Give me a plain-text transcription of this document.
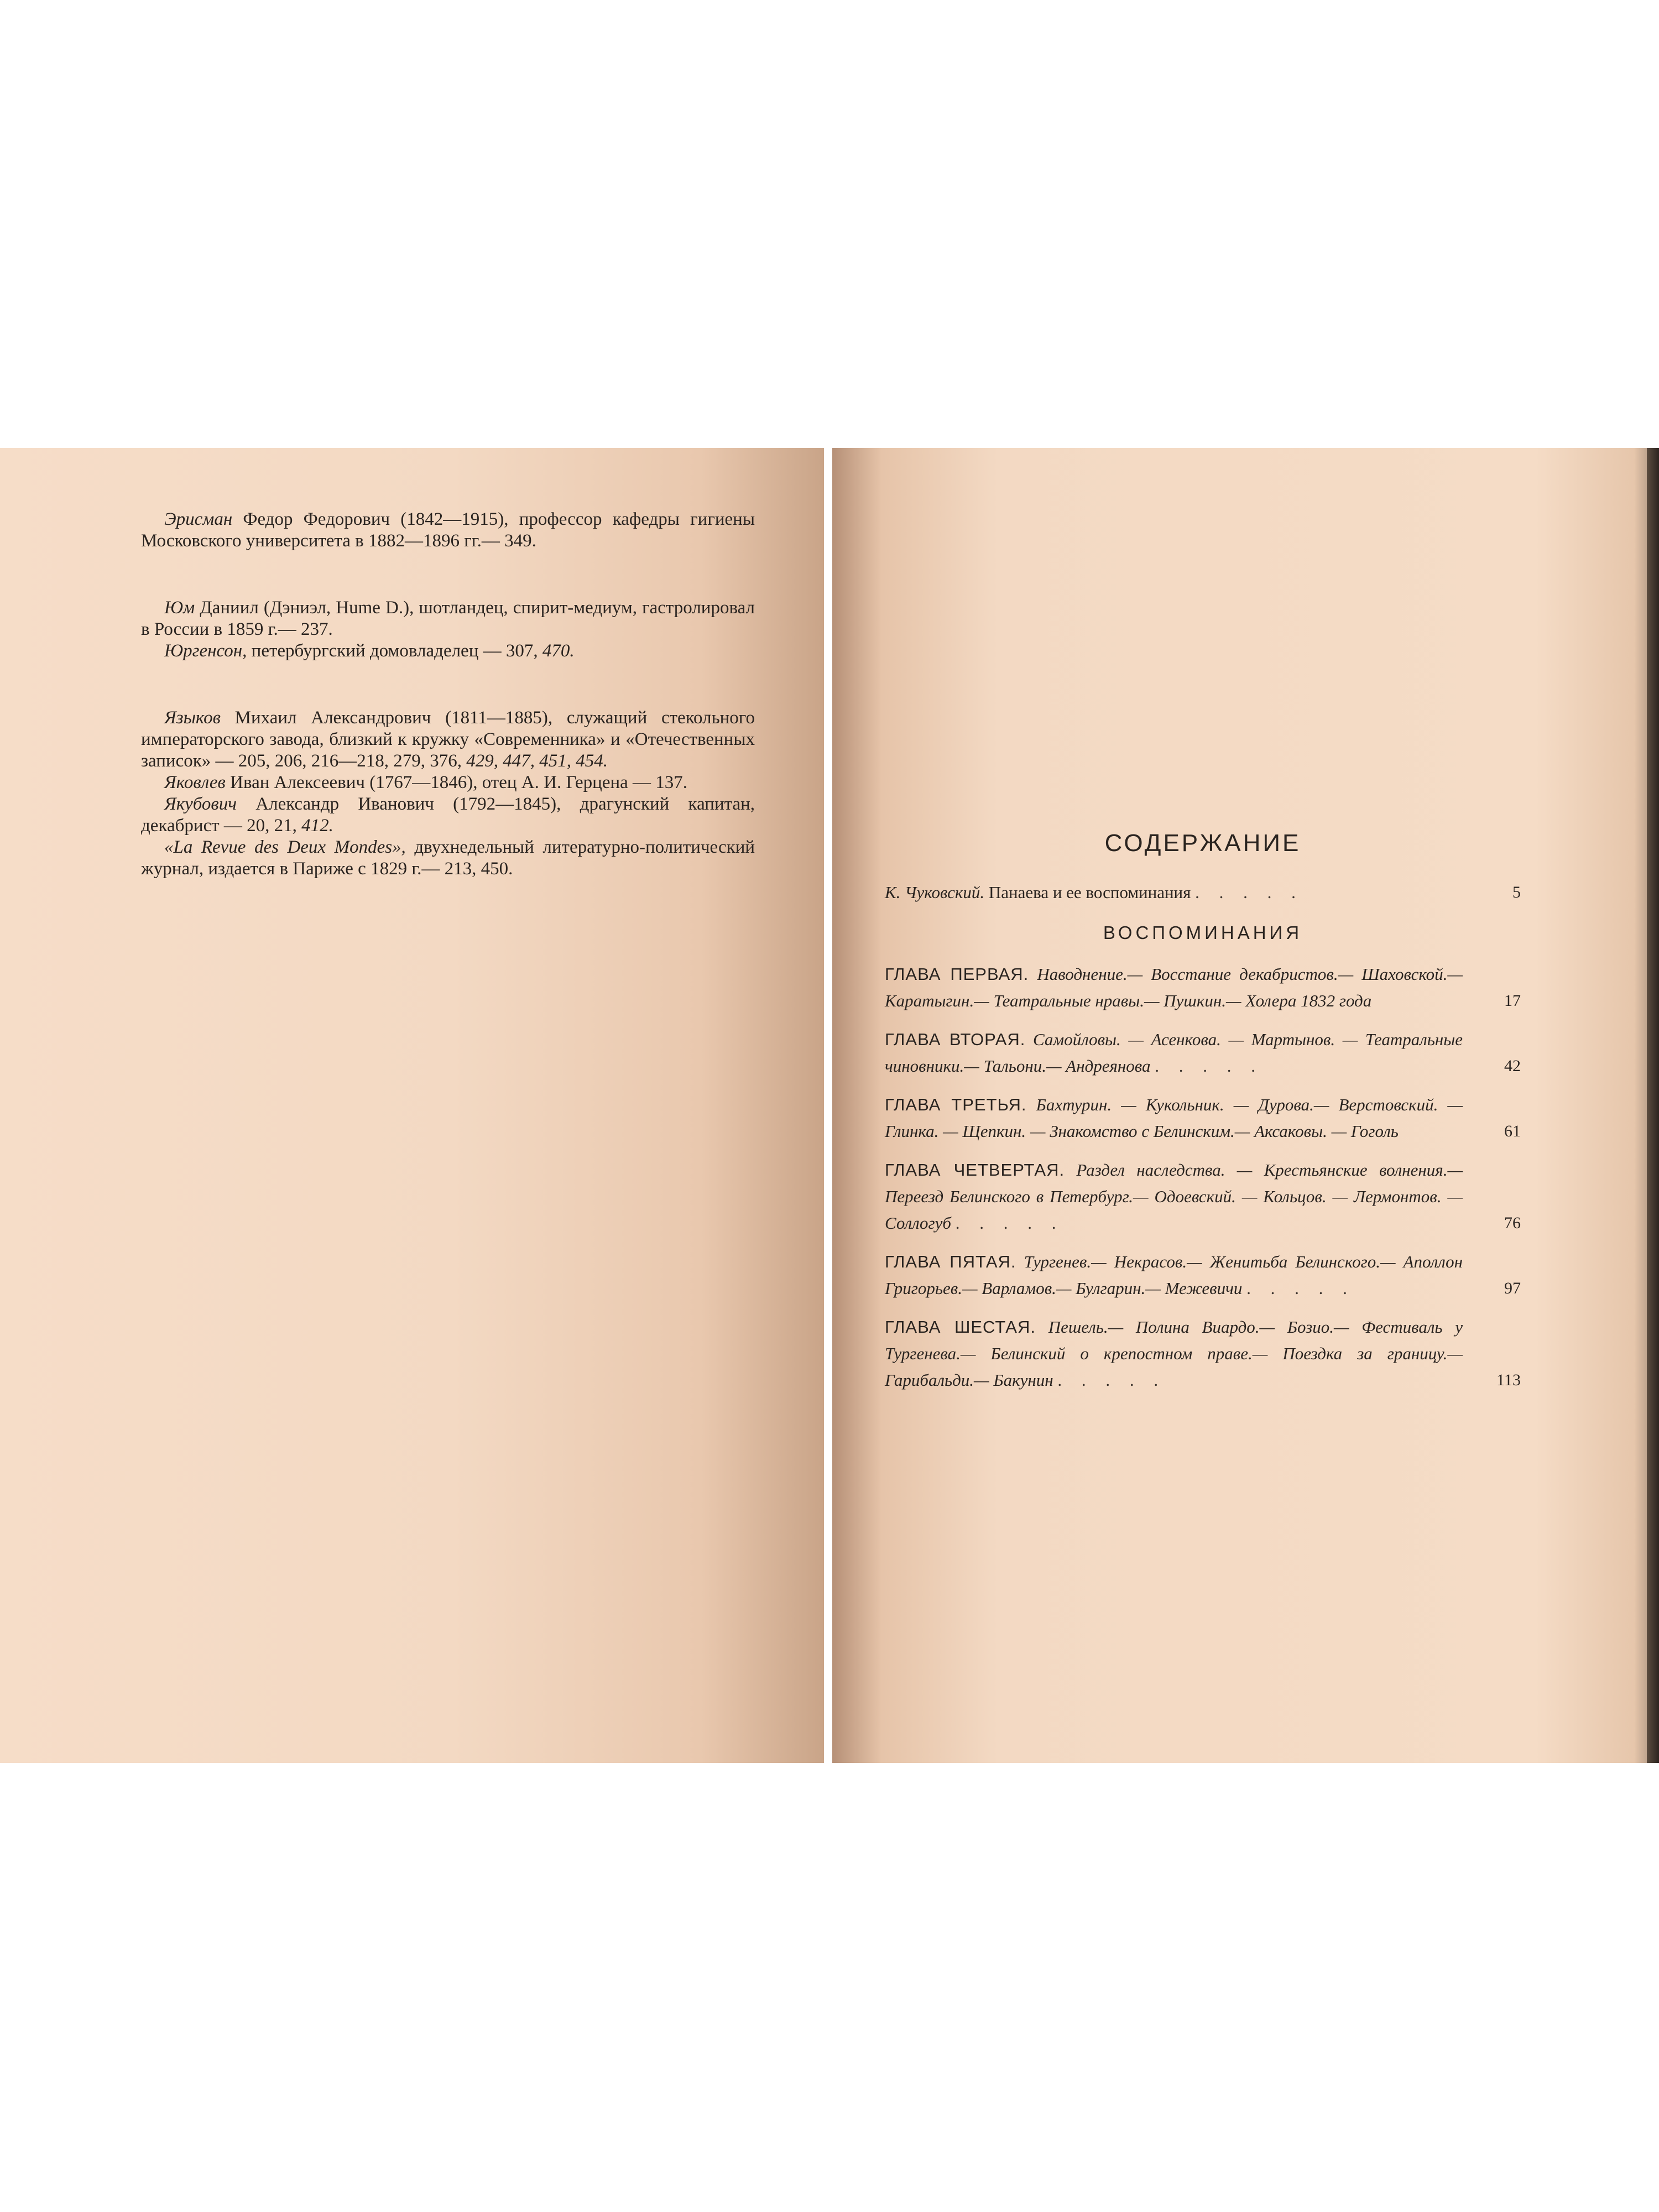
Эрисман Федор Федорович (1842—1915), профессор кафедры гигиены Московского университета в 1882—1896 гг.— 349.

Юм Даниил (Дэниэл, Hume D.), шотландец, спирит-медиум, гастролировал в России в 1859 г.— 237.

Юргенсон, петербургский домовладелец — 307, 470.

Языков Михаил Александрович (1811—1885), служащий стекольного императорского завода, близкий к кружку «Современника» и «Отечественных записок» — 205, 206, 216—218, 279, 376, 429, 447, 451, 454.

Яковлев Иван Алексеевич (1767—1846), отец А. И. Герцена — 137.

Якубович Александр Иванович (1792—1845), драгунский капитан, декабрист — 20, 21, 412.

«La Revue des Deux Mondes», двухнедельный литературно-политический журнал, издается в Париже с 1829 г.— 213, 450.

СОДЕРЖАНИЕ
К. Чуковский. Панаева и ее воспоминания . . . . .	5
ВОСПОМИНАНИЯ
ГЛАВА ПЕРВАЯ. Наводнение.— Восстание декабристов.— Шаховской.— Каратыгин.— Театральные нравы.— Пушкин.— Холера 1832 года	17
ГЛАВА ВТОРАЯ. Самойловы. — Асенкова. — Мартынов. — Театральные чиновники.— Тальони.— Андреянова . . . . .	42
ГЛАВА ТРЕТЬЯ. Бахтурин. — Кукольник. — Дурова.— Верстовский. — Глинка. — Щепкин. — Знакомство с Белинским.— Аксаковы. — Гоголь	61
ГЛАВА ЧЕТВЕРТАЯ. Раздел наследства. — Крестьянские волнения.— Переезд Белинского в Петербург.— Одоевский. — Кольцов. — Лермонтов. — Соллогуб . . . . .	76
ГЛАВА ПЯТАЯ. Тургенев.— Некрасов.— Женитьба Белинского.— Аполлон Григорьев.— Варламов.— Булгарин.— Межевичи . . . . .	97
ГЛАВА ШЕСТАЯ. Пешель.— Полина Виардо.— Бозио.— Фестиваль у Тургенева.— Белинский о крепостном праве.— Поездка за границу.— Гарибальди.— Бакунин . . . . .	113
